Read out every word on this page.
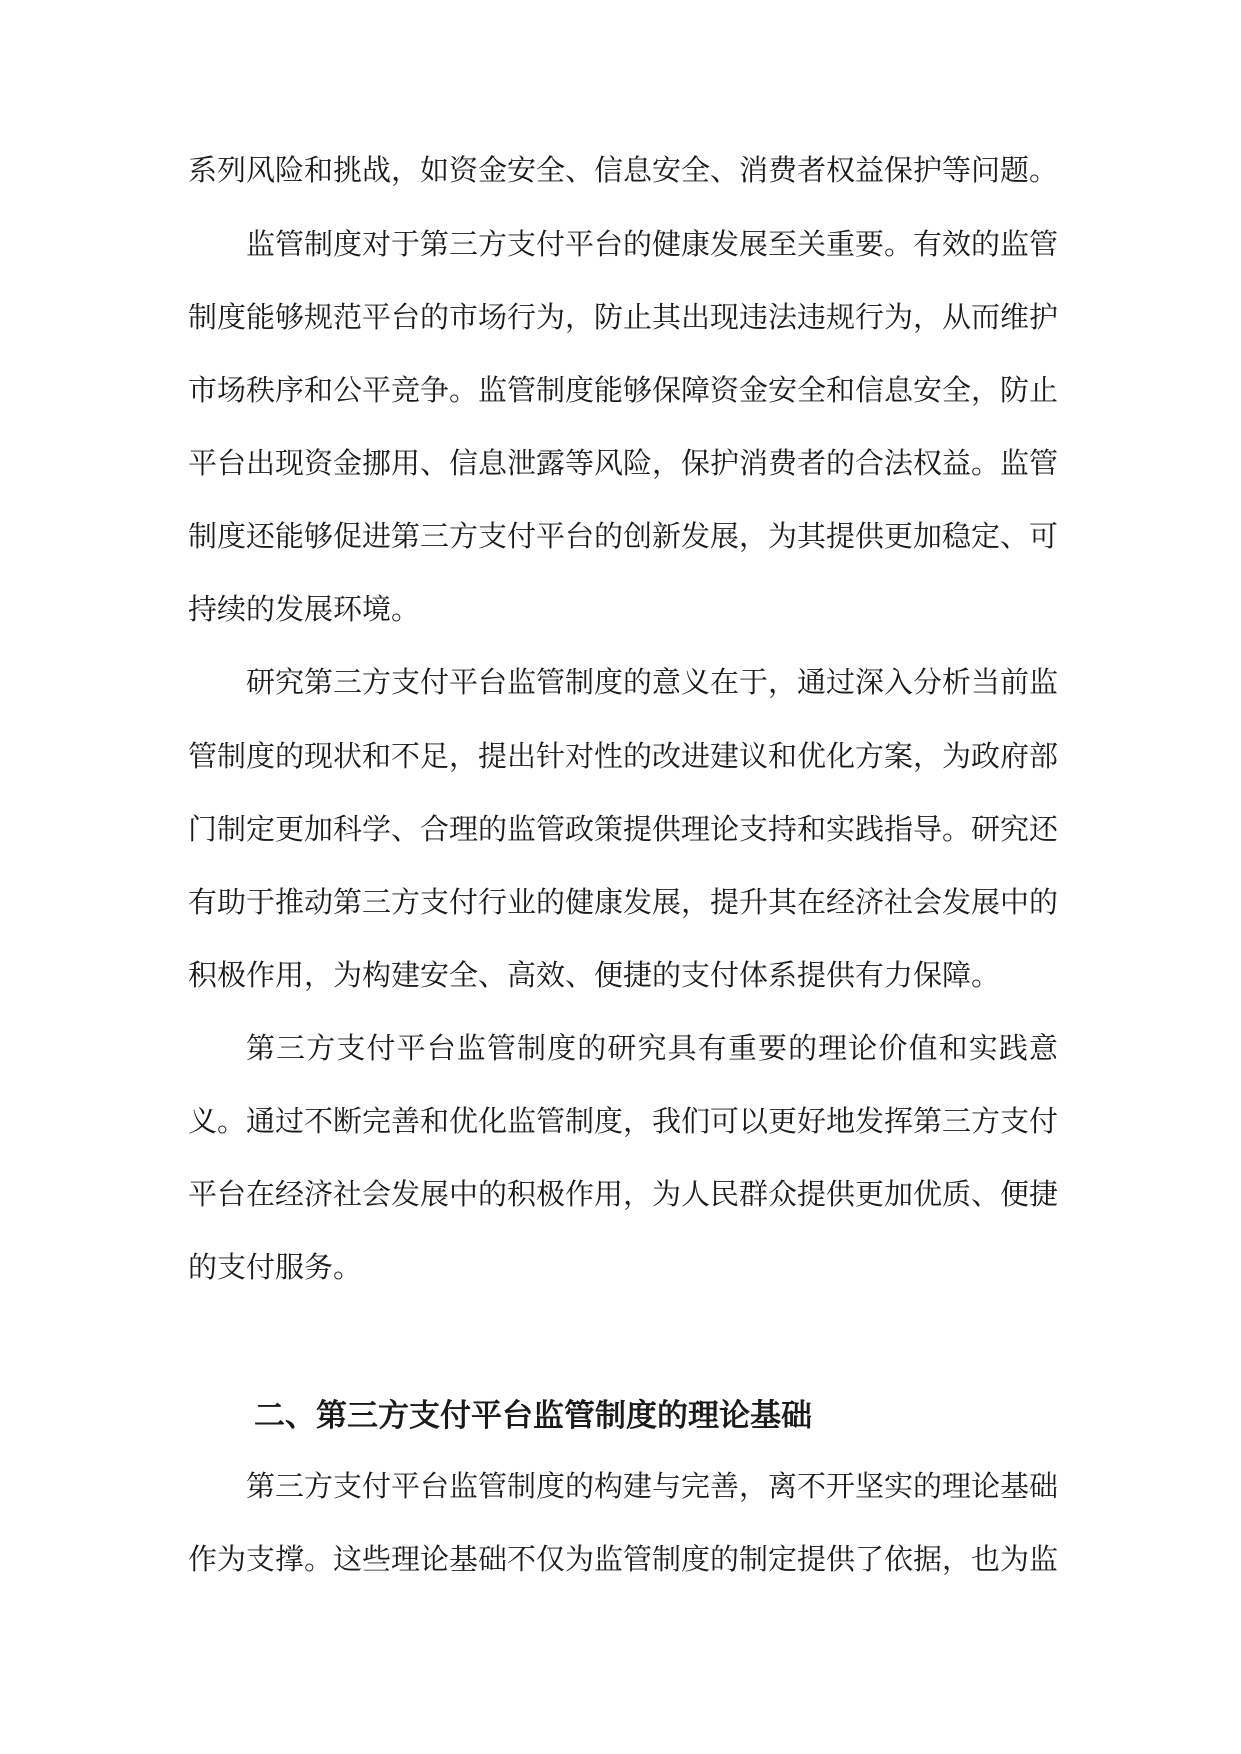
系列风险和挑战，如资金安全、信息安全、消费者权益保护等问题。
监管制度对于第三方支付平台的健康发展至关重要。有效的监管
制度能够规范平台的市场行为，防止其出现违法违规行为，从而维护
市场秩序和公平竞争。监管制度能够保障资金安全和信息安全，防止
平台出现资金挪用、信息泄露等风险，保护消费者的合法权益。监管
制度还能够促进第三方支付平台的创新发展，为其提供更加稳定、可
持续的发展环境。
研究第三方支付平台监管制度的意义在于，通过深入分析当前监
管制度的现状和不足，提出针对性的改进建议和优化方案，为政府部
门制定更加科学、合理的监管政策提供理论支持和实践指导。研究还
有助于推动第三方支付行业的健康发展，提升其在经济社会发展中的
积极作用，为构建安全、高效、便捷的支付体系提供有力保障。
第三方支付平台监管制度的研究具有重要的理论价值和实践意
义。通过不断完善和优化监管制度，我们可以更好地发挥第三方支付
平台在经济社会发展中的积极作用，为人民群众提供更加优质、便捷
的支付服务。
二、第三方支付平台监管制度的理论基础
第三方支付平台监管制度的构建与完善，离不开坚实的理论基础
作为支撑。这些理论基础不仅为监管制度的制定提供了依据，也为监
